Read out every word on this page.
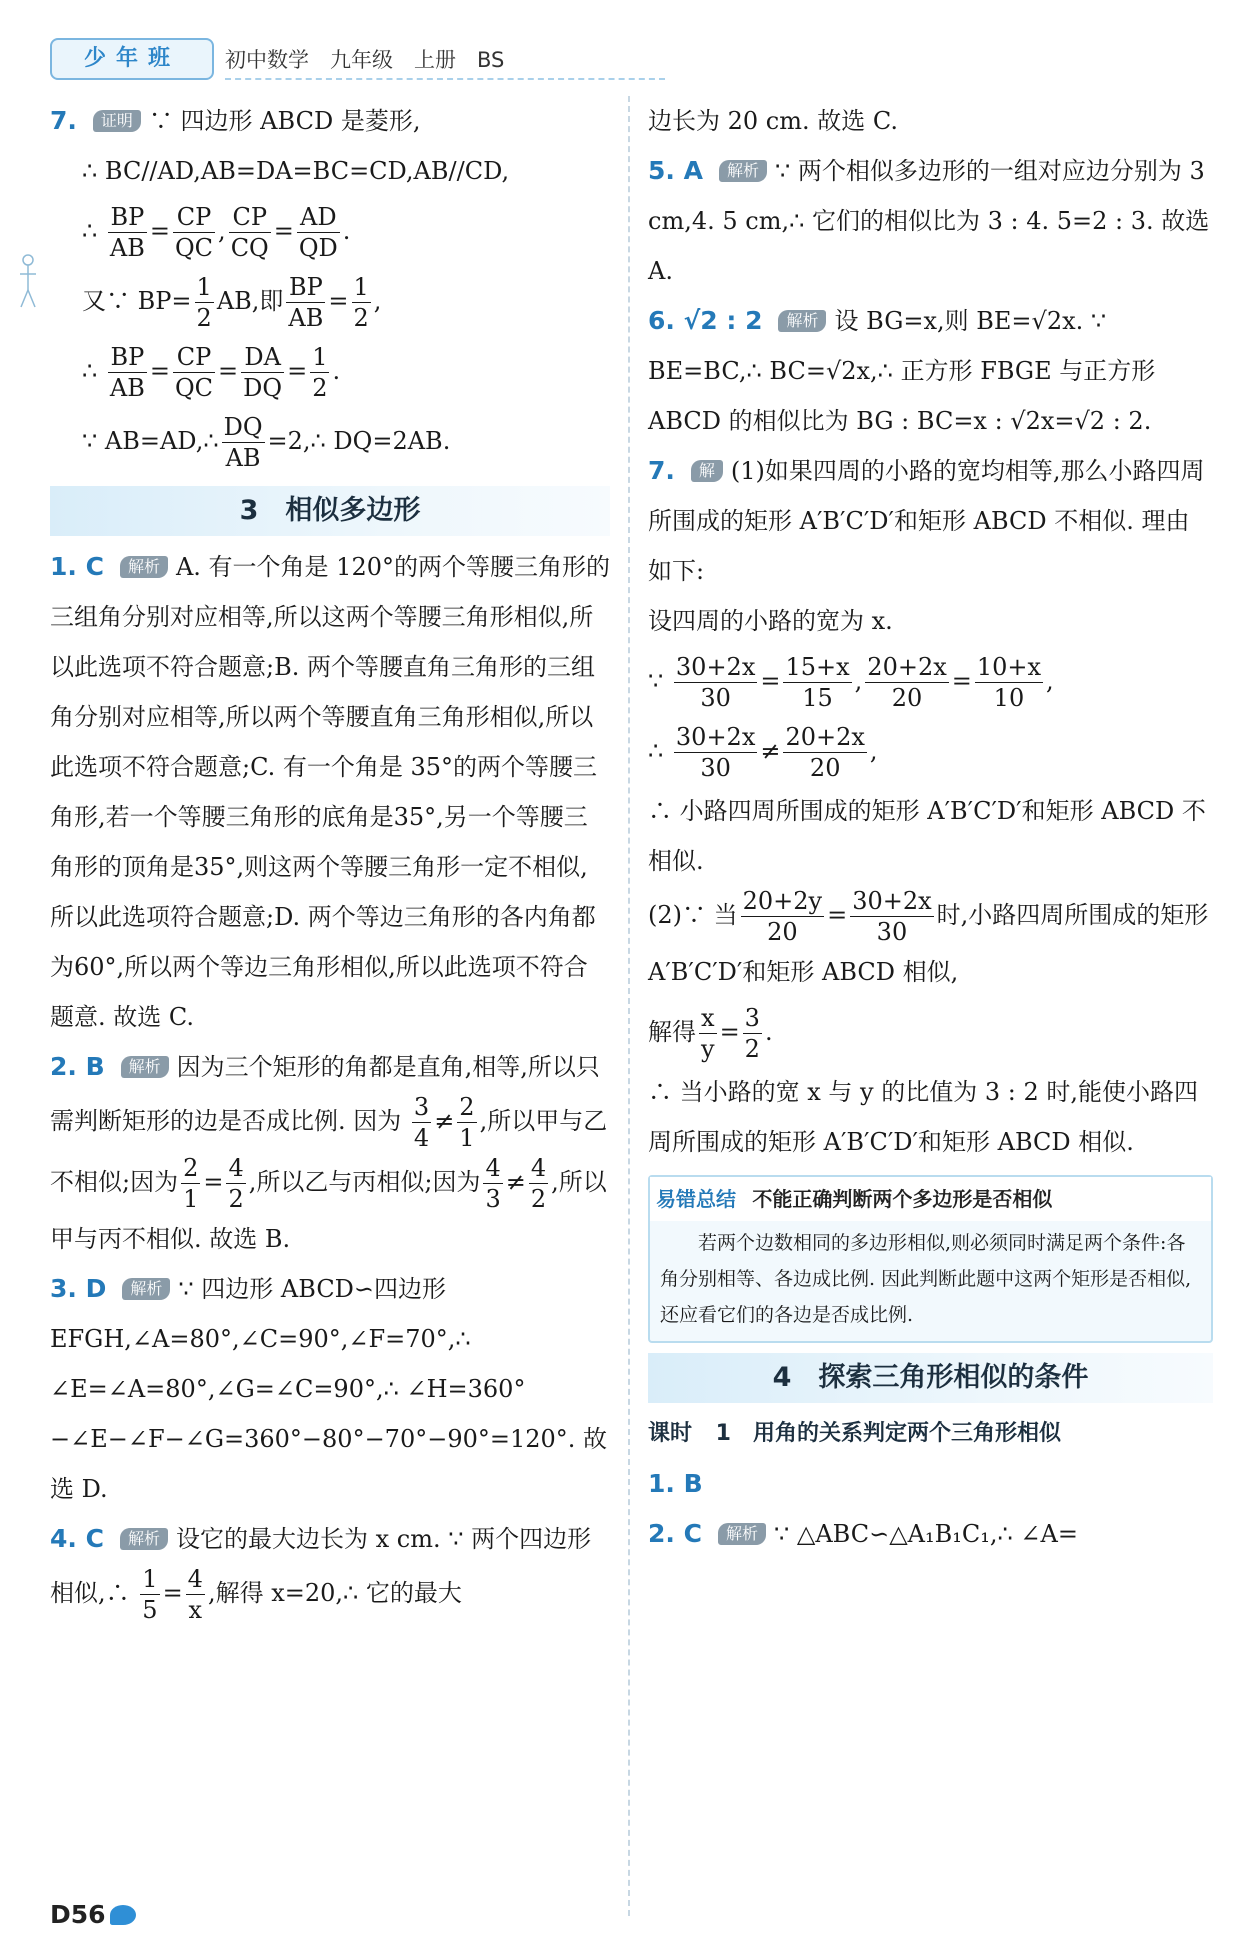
少年班	初中数学　九年级　上册　BS

7. 证明 ∵ 四边形 ABCD 是菱形,

∴ BC//AD,AB=DA=BC=CD,AB//CD,

∴ $\frac{BP}{AB} = \frac{CP}{QC}$ , $\frac{CP}{CQ} = \frac{AD}{QD}$ .

又∵ $BP= \frac{1}{2}$ AB,即 $\frac{BP}{AB} = \frac{1}{2}$ ,

∴ $\frac{BP}{AB} = \frac{CP}{QC} = \frac{DA}{DQ} = \frac{1}{2}$ .

∵ AB=AD,∴ $\frac{DQ}{AB}$ =2,∴ DQ=2AB.

3　相似多边形

1. C 解析 A. 有一个角是 120°的两个等腰三角形的三组角分别对应相等,所以这两个等腰三角形相似,所以此选项不符合题意;B. 两个等腰直角三角形的三组角分别对应相等,所以两个等腰直角三角形相似,所以此选项不符合题意;C. 有一个角是 35°的两个等腰三角形,若一个等腰三角形的底角是35°,另一个等腰三角形的顶角是35°,则这两个等腰三角形一定不相似,所以此选项符合题意;D. 两个等边三角形的各内角都为60°,所以两个等边三角形相似,所以此选项不符合题意. 故选 C.

2. B 解析 因为三个矩形的角都是直角,相等,所以只需判断矩形的边是否成比例. 因为 $\frac{3}{4} \ne \frac{2}{1}$ ,所以甲与乙不相似;因为 $\frac{2}{1} = \frac{4}{2}$ ,所以乙与丙相似;因为 $\frac{4}{3} \ne \frac{4}{2}$ ,所以甲与丙不相似. 故选 B.

3. D 解析 ∵ 四边形 ABCD∽四边形 EFGH,∠A=80°,∠C=90°,∠F=70°,∴ ∠E=∠A=80°,∠G=∠C=90°,∴ ∠H=360°−∠E−∠F−∠G=360°−80°−70°−90°=120°. 故选 D.

4. C 解析 设它的最大边长为 x cm. ∵ 两个四边形相似,∴ $\frac{1}{5} = \frac{4}{x}$ ,解得 x=20,∴ 它的最大

边长为 20 cm. 故选 C.

5. A 解析 ∵ 两个相似多边形的一组对应边分别为 3 cm,4. 5 cm,∴ 它们的相似比为 3 : 4. 5=2 : 3. 故选 A.

6. √2 : 2 解析 设 BG=x,则 BE=√2x. ∵ BE=BC,∴ BC=√2x,∴ 正方形 FBGE 与正方形 ABCD 的相似比为 BG : BC=x : √2x=√2 : 2.

7. 解 (1)如果四周的小路的宽均相等,那么小路四周所围成的矩形 A′B′C′D′和矩形 ABCD 不相似. 理由如下:

设四周的小路的宽为 x.

∵ $\frac{30+2x}{30} = \frac{15+x}{15}$ , $\frac{20+2x}{20} = \frac{10+x}{10}$ ,

∴ $\frac{30+2x}{30} \ne \frac{20+2x}{20}$ ,

∴ 小路四周所围成的矩形 A′B′C′D′和矩形 ABCD 不相似.

(2)∵ 当 $\frac{20+2y}{20} = \frac{30+2x}{30}$ 时,小路四周所围成的矩形 A′B′C′D′和矩形 ABCD 相似,

解得 $\frac{x}{y} = \frac{3}{2}$ .

∴ 当小路的宽 x 与 y 的比值为 3 : 2 时,能使小路四周所围成的矩形 A′B′C′D′和矩形 ABCD 相似.

易错总结 不能正确判断两个多边形是否相似
若两个边数相同的多边形相似,则必须同时满足两个条件:各角分别相等、各边成比例. 因此判断此题中这两个矩形是否相似,还应看它们的各边是否成比例.
4　探索三角形相似的条件

课时 1　用角的关系判定两个三角形相似

1. B

2. C 解析 ∵ △ABC∽△A₁B₁C₁,∴ ∠A=

D56
